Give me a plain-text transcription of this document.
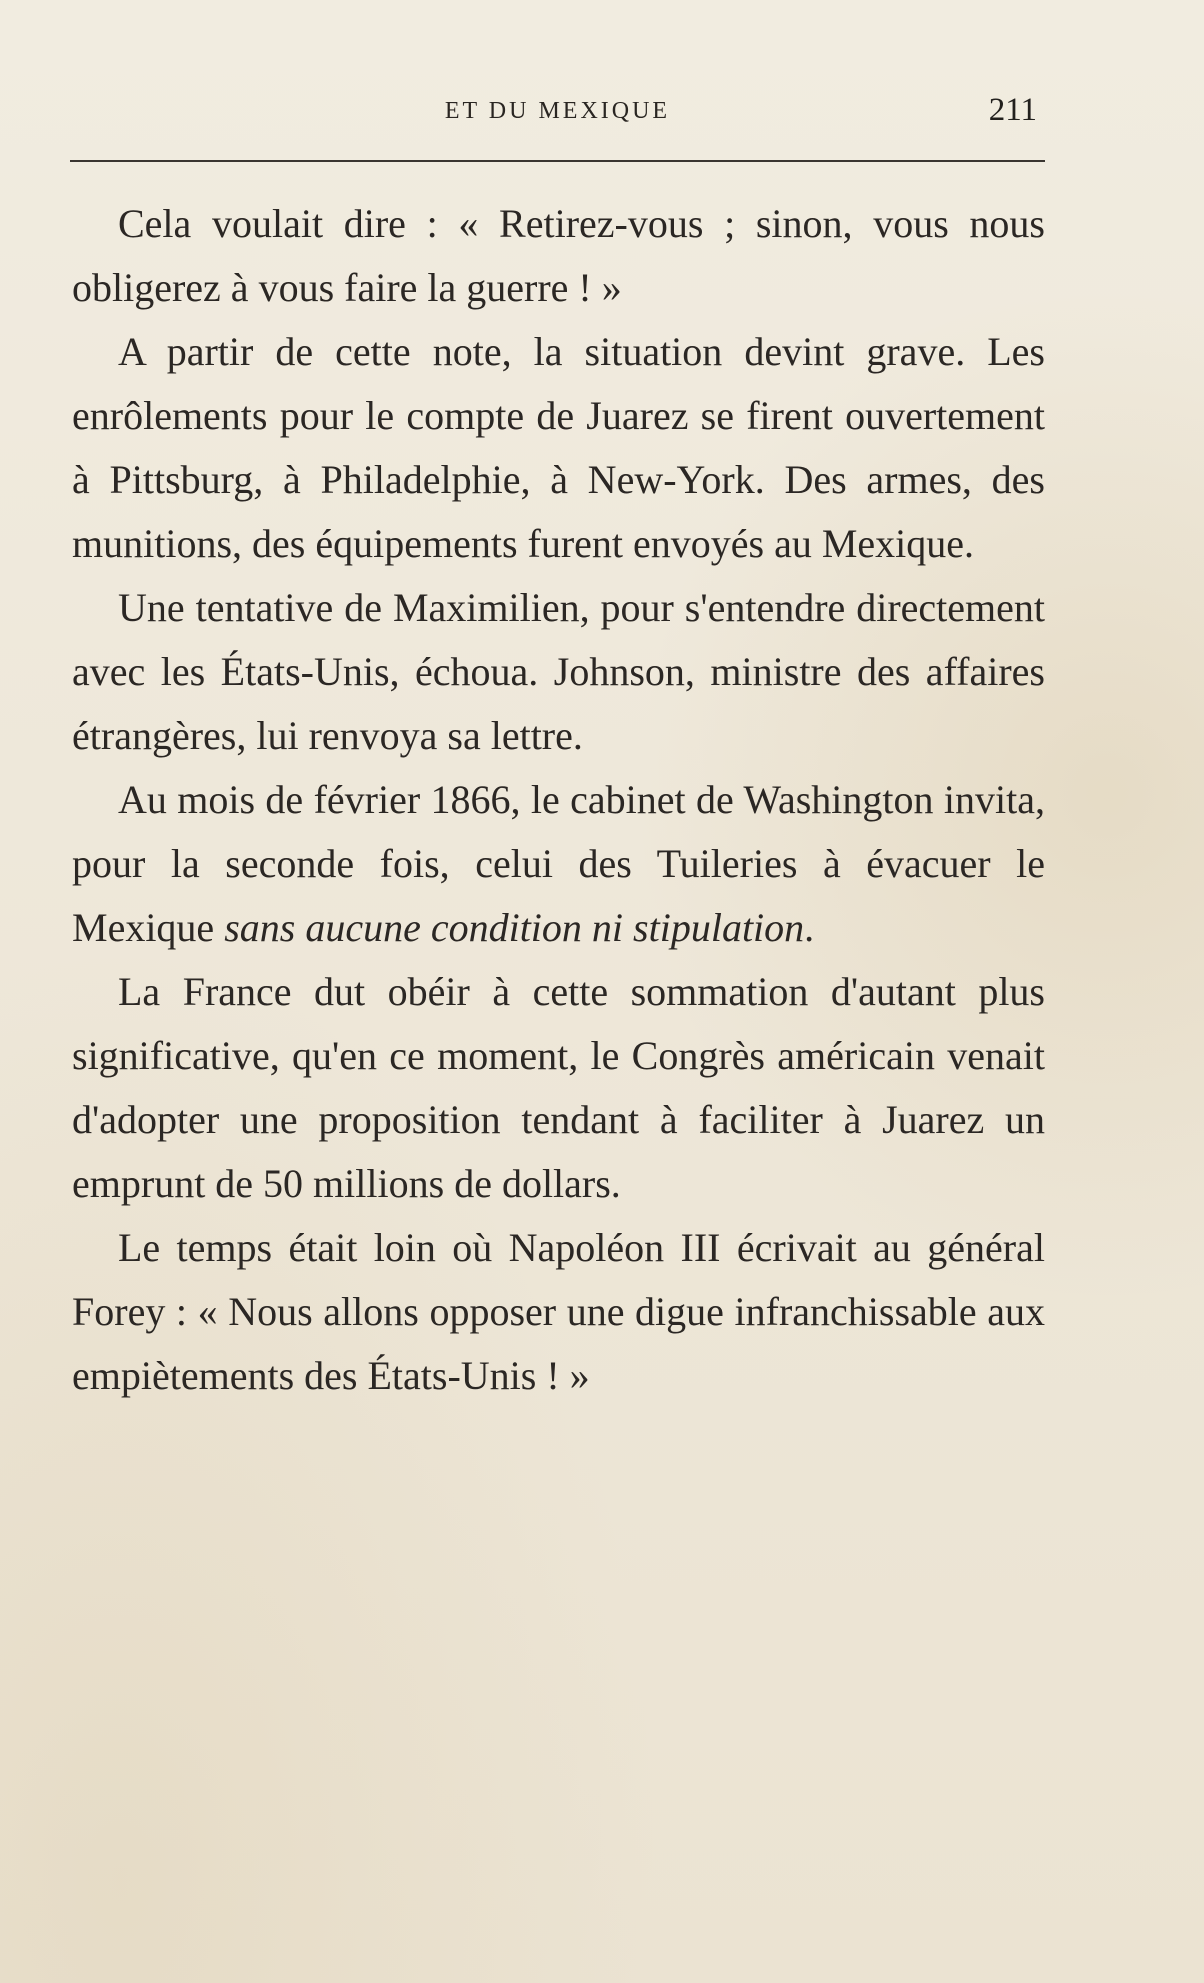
ET DU MEXIQUE	211

Cela voulait dire : « Retirez-vous ; sinon, vous nous obligerez à vous faire la guerre ! »

A partir de cette note, la situation devint grave. Les enrôlements pour le compte de Juarez se firent ouvertement à Pittsburg, à Philadelphie, à New-York. Des armes, des munitions, des équipements furent envoyés au Mexique.

Une tentative de Maximilien, pour s'entendre directement avec les États-Unis, échoua. Johnson, ministre des affaires étrangères, lui renvoya sa lettre.

Au mois de février 1866, le cabinet de Washington invita, pour la seconde fois, celui des Tuileries à évacuer le Mexique sans aucune condition ni stipulation.

La France dut obéir à cette sommation d'autant plus significative, qu'en ce moment, le Congrès américain venait d'adopter une proposition tendant à faciliter à Juarez un emprunt de 50 millions de dollars.

Le temps était loin où Napoléon III écrivait au général Forey : « Nous allons opposer une digue infranchissable aux empiètements des États-Unis ! »
